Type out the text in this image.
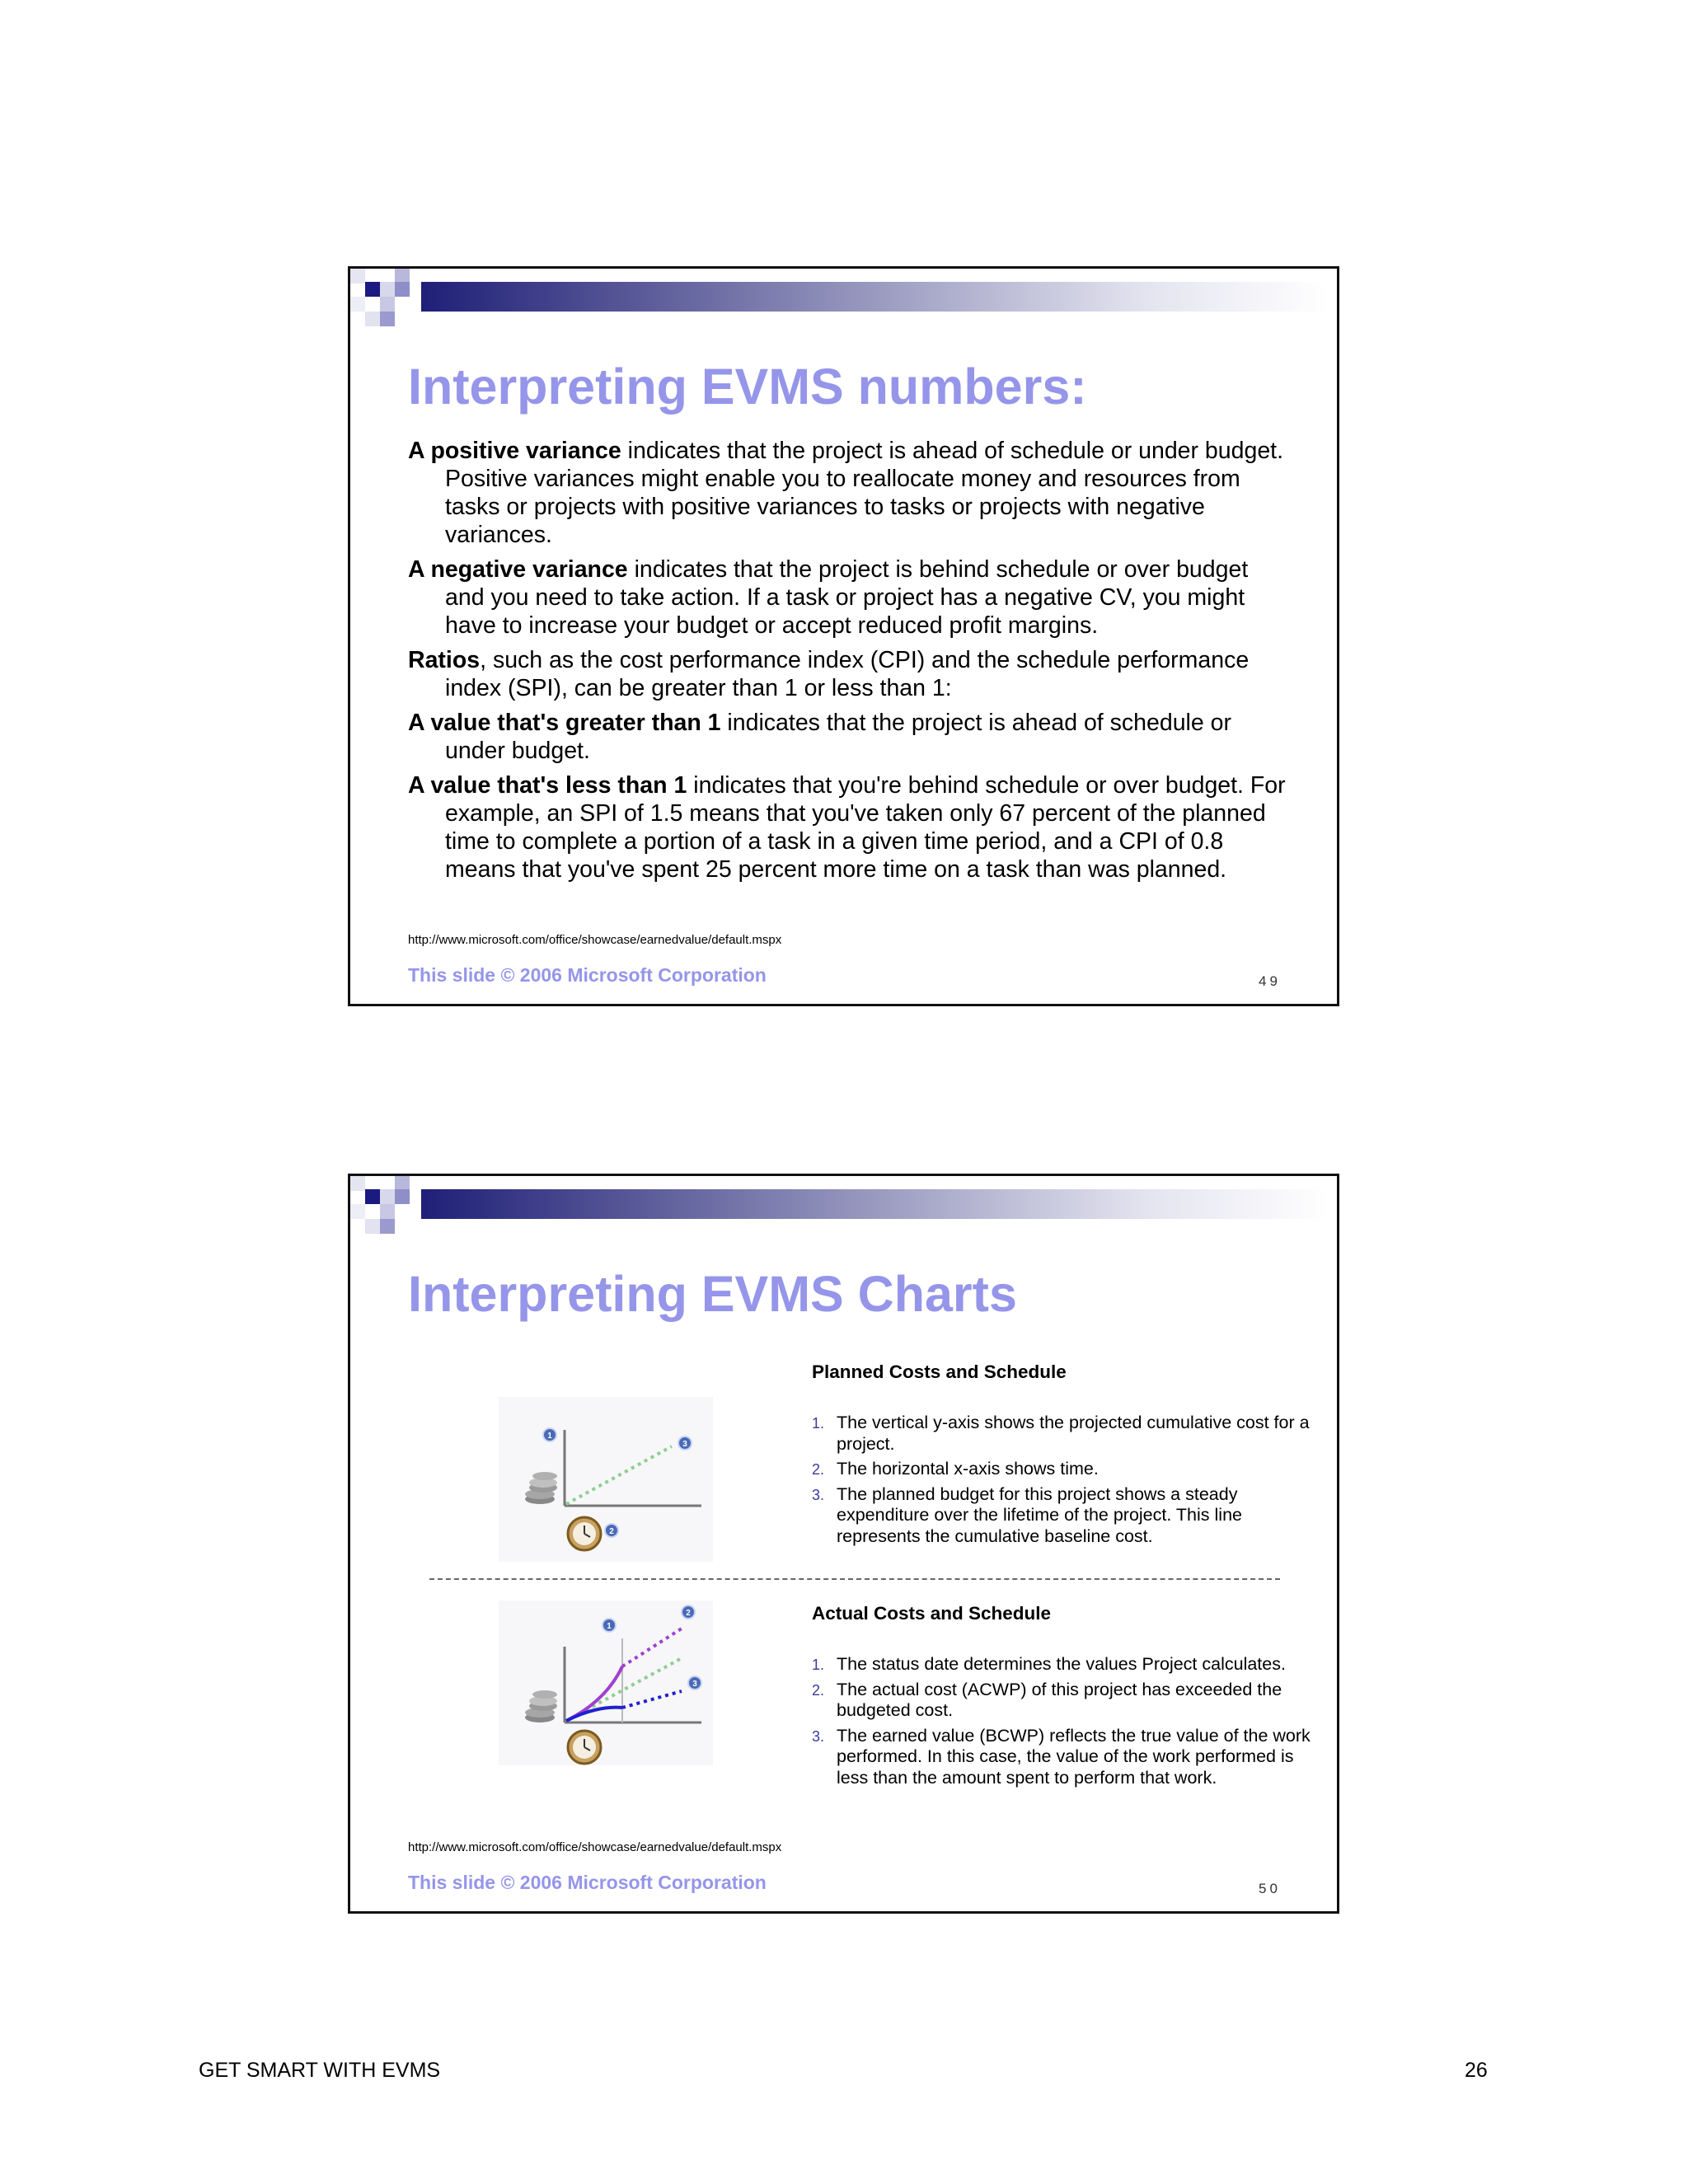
Interpreting EVMS numbers:

A positive variance indicates that the project is ahead of schedule or under budget. Positive variances might enable you to reallocate money and resources from tasks or projects with positive variances to tasks or projects with negative variances.

A negative variance indicates that the project is behind schedule or over budget and you need to take action. If a task or project has a negative CV, you might have to increase your budget or accept reduced profit margins.

Ratios, such as the cost performance index (CPI) and the schedule performance index (SPI), can be greater than 1 or less than 1:

A value that's greater than 1 indicates that the project is ahead of schedule or under budget.

A value that's less than 1 indicates that you're behind schedule or over budget. For example, an SPI of 1.5 means that you've taken only 67 percent of the planned time to complete a portion of a task in a given time period, and a CPI of 0.8 means that you've spent 25 percent more time on a task than was planned.

http://www.microsoft.com/office/showcase/earnedvalue/default.mspx
This slide © 2006 Microsoft Corporation	49
Interpreting EVMS Charts
1
2
3
Planned Costs and Schedule
1. The vertical y-axis shows the projected cumulative cost for a project.
2. The horizontal x-axis shows time.
3. The planned budget for this project shows a steady expenditure over the lifetime of the project. This line represents the cumulative baseline cost.
1
2
3
Actual Costs and Schedule
1. The status date determines the values Project calculates.
2. The actual cost (ACWP) of this project has exceeded the budgeted cost.
3. The earned value (BCWP) reflects the true value of the work performed. In this case, the value of the work performed is less than the amount spent to perform that work.
http://www.microsoft.com/office/showcase/earnedvalue/default.mspx
This slide © 2006 Microsoft Corporation	50
GET SMART WITH EVMS	26
